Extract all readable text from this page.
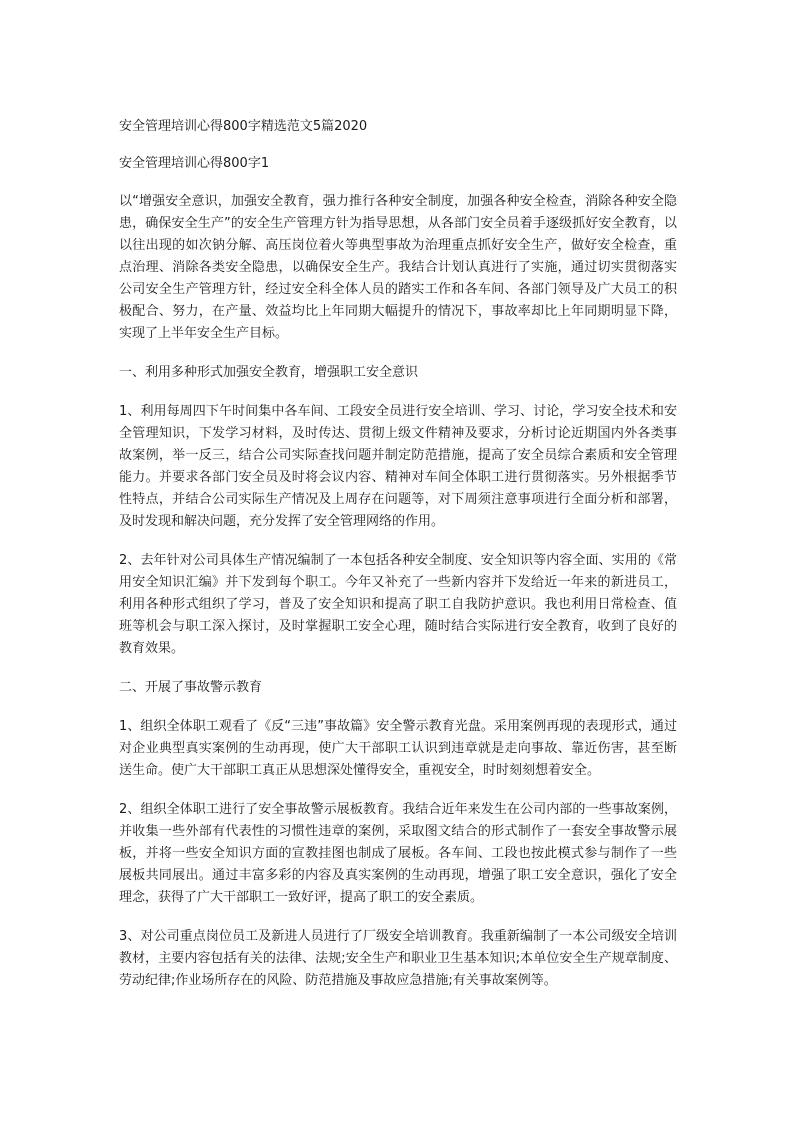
安全管理培训心得800字精选范文5篇2020
安全管理培训心得800字1
以“增强安全意识，加强安全教育，强力推行各种安全制度，加强各种安全检查，消除各种安全隐患，确保安全生产”的安全生产管理方针为指导思想，从各部门安全员着手逐级抓好安全教育，以以往出现的如次钠分解、高压岗位着火等典型事故为治理重点抓好安全生产，做好安全检查，重点治理、消除各类安全隐患，以确保安全生产。我结合计划认真进行了实施，通过切实贯彻落实公司安全生产管理方针，经过安全科全体人员的踏实工作和各车间、各部门领导及广大员工的积极配合、努力，在产量、效益均比上年同期大幅提升的情况下，事故率却比上年同期明显下降，实现了上半年安全生产目标。
一、利用多种形式加强安全教育，增强职工安全意识
1、利用每周四下午时间集中各车间、工段安全员进行安全培训、学习、讨论，学习安全技术和安全管理知识，下发学习材料，及时传达、贯彻上级文件精神及要求，分析讨论近期国内外各类事故案例，举一反三，结合公司实际查找问题并制定防范措施，提高了安全员综合素质和安全管理能力。并要求各部门安全员及时将会议内容、精神对车间全体职工进行贯彻落实。另外根据季节性特点，并结合公司实际生产情况及上周存在问题等，对下周须注意事项进行全面分析和部署，及时发现和解决问题，充分发挥了安全管理网络的作用。
2、去年针对公司具体生产情况编制了一本包括各种安全制度、安全知识等内容全面、实用的《常用安全知识汇编》并下发到每个职工。今年又补充了一些新内容并下发给近一年来的新进员工，利用各种形式组织了学习，普及了安全知识和提高了职工自我防护意识。我也利用日常检查、值班等机会与职工深入探讨，及时掌握职工安全心理，随时结合实际进行安全教育，收到了良好的教育效果。
二、开展了事故警示教育
1、组织全体职工观看了《反“三违”事故篇》安全警示教育光盘。采用案例再现的表现形式，通过对企业典型真实案例的生动再现，使广大干部职工认识到违章就是走向事故、靠近伤害，甚至断送生命。使广大干部职工真正从思想深处懂得安全，重视安全，时时刻刻想着安全。
2、组织全体职工进行了安全事故警示展板教育。我结合近年来发生在公司内部的一些事故案例，并收集一些外部有代表性的习惯性违章的案例，采取图文结合的形式制作了一套安全事故警示展板，并将一些安全知识方面的宣教挂图也制成了展板。各车间、工段也按此模式参与制作了一些展板共同展出。通过丰富多彩的内容及真实案例的生动再现，增强了职工安全意识，强化了安全理念，获得了广大干部职工一致好评，提高了职工的安全素质。
3、对公司重点岗位员工及新进人员进行了厂级安全培训教育。我重新编制了一本公司级安全培训教材，主要内容包括有关的法律、法规;安全生产和职业卫生基本知识;本单位安全生产规章制度、劳动纪律;作业场所存在的风险、防范措施及事故应急措施;有关事故案例等。
